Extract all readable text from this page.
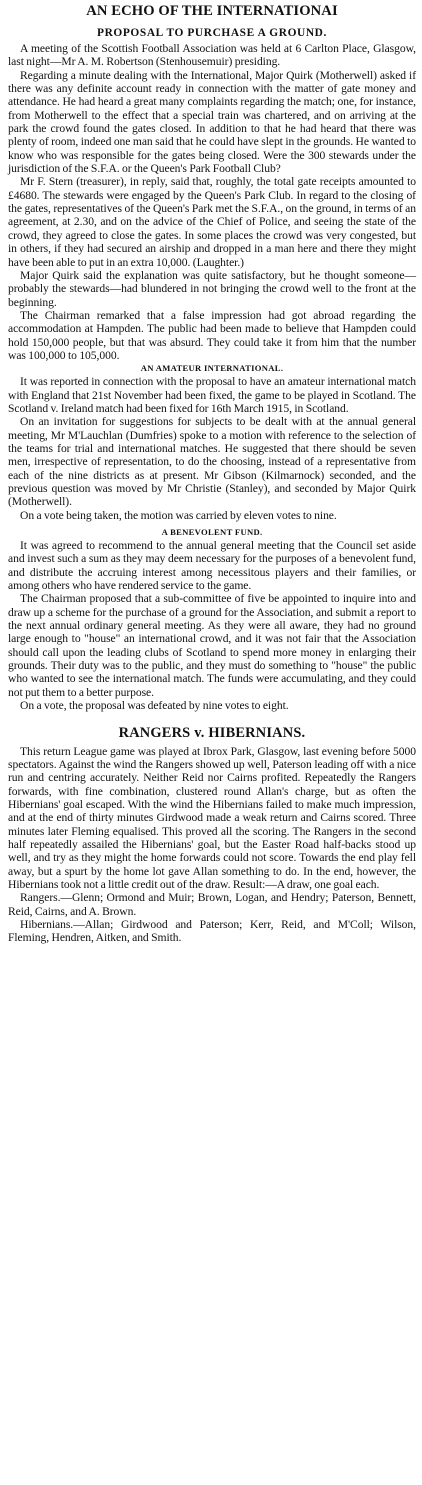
AN ECHO OF THE INTERNATIONAI
PROPOSAL TO PURCHASE A GROUND.

A meeting of the Scottish Football Association was held at 6 Carlton Place, Glasgow, last night—Mr A. M. Robertson (Stenhousemuir) presiding.

Regarding a minute dealing with the International, Major Quirk (Motherwell) asked if there was any definite account ready in connection with the matter of gate money and attendance. He had heard a great many complaints regarding the match; one, for instance, from Motherwell to the effect that a special train was chartered, and on arriving at the park the crowd found the gates closed. In addition to that he had heard that there was plenty of room, indeed one man said that he could have slept in the grounds. He wanted to know who was responsible for the gates being closed. Were the 300 stewards under the jurisdiction of the S.F.A. or the Queen's Park Football Club?

Mr F. Stern (treasurer), in reply, said that, roughly, the total gate receipts amounted to £4680. The stewards were engaged by the Queen's Park Club. In regard to the closing of the gates, representatives of the Queen's Park met the S.F.A., on the ground, in terms of an agreement, at 2.30, and on the advice of the Chief of Police, and seeing the state of the crowd, they agreed to close the gates. In some places the crowd was very congested, but in others, if they had secured an airship and dropped in a man here and there they might have been able to put in an extra 10,000. (Laughter.)

Major Quirk said the explanation was quite satisfactory, but he thought someone—probably the stewards—had blundered in not bringing the crowd well to the front at the beginning.

The Chairman remarked that a false impression had got abroad regarding the accommodation at Hampden. The public had been made to believe that Hampden could hold 150,000 people, but that was absurd. They could take it from him that the number was 100,000 to 105,000.

AN AMATEUR INTERNATIONAL.

It was reported in connection with the proposal to have an amateur international match with England that 21st November had been fixed, the game to be played in Scotland. The Scotland v. Ireland match had been fixed for 16th March 1915, in Scotland.

On an invitation for suggestions for subjects to be dealt with at the annual general meeting, Mr M'Lauchlan (Dumfries) spoke to a motion with reference to the selection of the teams for trial and international matches. He suggested that there should be seven men, irrespective of representation, to do the choosing, instead of a representative from each of the nine districts as at present. Mr Gibson (Kilmarnock) seconded, and the previous question was moved by Mr Christie (Stanley), and seconded by Major Quirk (Motherwell).

On a vote being taken, the motion was carried by eleven votes to nine.

A BENEVOLENT FUND.

It was agreed to recommend to the annual general meeting that the Council set aside and invest such a sum as they may deem necessary for the purposes of a benevolent fund, and distribute the accruing interest among necessitous players and their families, or among others who have rendered service to the game.

The Chairman proposed that a sub-committee of five be appointed to inquire into and draw up a scheme for the purchase of a ground for the Association, and submit a report to the next annual ordinary general meeting. As they were all aware, they had no ground large enough to "house" an international crowd, and it was not fair that the Association should call upon the leading clubs of Scotland to spend more money in enlarging their grounds. Their duty was to the public, and they must do something to "house" the public who wanted to see the international match. The funds were accumulating, and they could not put them to a better purpose.

On a vote, the proposal was defeated by nine votes to eight.

RANGERS v. HIBERNIANS.

This return League game was played at Ibrox Park, Glasgow, last evening before 5000 spectators. Against the wind the Rangers showed up well, Paterson leading off with a nice run and centring accurately. Neither Reid nor Cairns profited. Repeatedly the Rangers forwards, with fine combination, clustered round Allan's charge, but as often the Hibernians' goal escaped. With the wind the Hibernians failed to make much impression, and at the end of thirty minutes Girdwood made a weak return and Cairns scored. Three minutes later Fleming equalised. This proved all the scoring. The Rangers in the second half repeatedly assailed the Hibernians' goal, but the Easter Road half-backs stood up well, and try as they might the home forwards could not score. Towards the end play fell away, but a spurt by the home lot gave Allan something to do. In the end, however, the Hibernians took not a little credit out of the draw. Result:—A draw, one goal each.

Rangers.—Glenn; Ormond and Muir; Brown, Logan, and Hendry; Paterson, Bennett, Reid, Cairns, and A. Brown.

Hibernians.—Allan; Girdwood and Paterson; Kerr, Reid, and M'Coll; Wilson, Fleming, Hendren, Aitken, and Smith.
